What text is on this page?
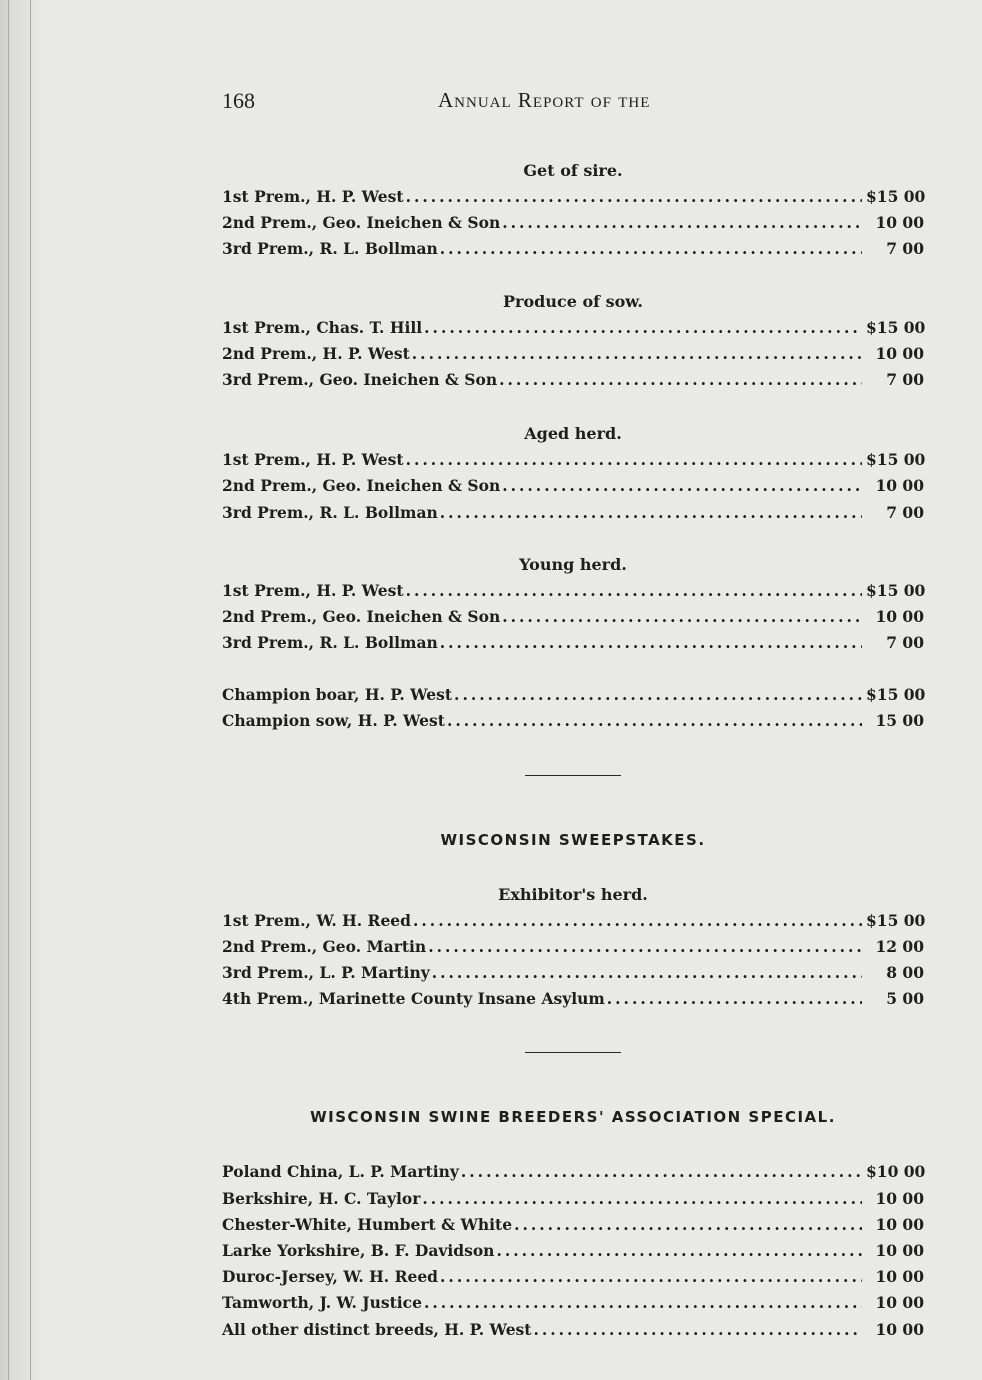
168	Annual Report of the
Get of sire.
1st Prem., H. P. West .....	$15 00
2nd Prem., Geo. Ineichen & Son .....	10 00
3rd Prem., R. L. Bollman .....	7 00
Produce of sow.
1st Prem., Chas. T. Hill .....	$15 00
2nd Prem., H. P. West .....	10 00
3rd Prem., Geo. Ineichen & Son .....	7 00
Aged herd.
1st Prem., H. P. West .....	$15 00
2nd Prem., Geo. Ineichen & Son .....	10 00
3rd Prem., R. L. Bollman .....	7 00
Young herd.
1st Prem., H. P. West .....	$15 00
2nd Prem., Geo. Ineichen & Son .....	10 00
3rd Prem., R. L. Bollman .....	7 00
Champion boar, H. P. West .....	$15 00
Champion sow, H. P. West .....	15 00
WISCONSIN SWEEPSTAKES.
Exhibitor's herd.
1st Prem., W. H. Reed .....	$15 00
2nd Prem., Geo. Martin .....	12 00
3rd Prem., L. P. Martiny .....	8 00
4th Prem., Marinette County Insane Asylum .....	5 00
WISCONSIN SWINE BREEDERS' ASSOCIATION SPECIAL.
Poland China, L. P. Martiny .....	$10 00
Berkshire, H. C. Taylor .....	10 00
Chester-White, Humbert & White .....	10 00
Larke Yorkshire, B. F. Davidson .....	10 00
Duroc-Jersey, W. H. Reed .....	10 00
Tamworth, J. W. Justice .....	10 00
All other distinct breeds, H. P. West .....	10 00
